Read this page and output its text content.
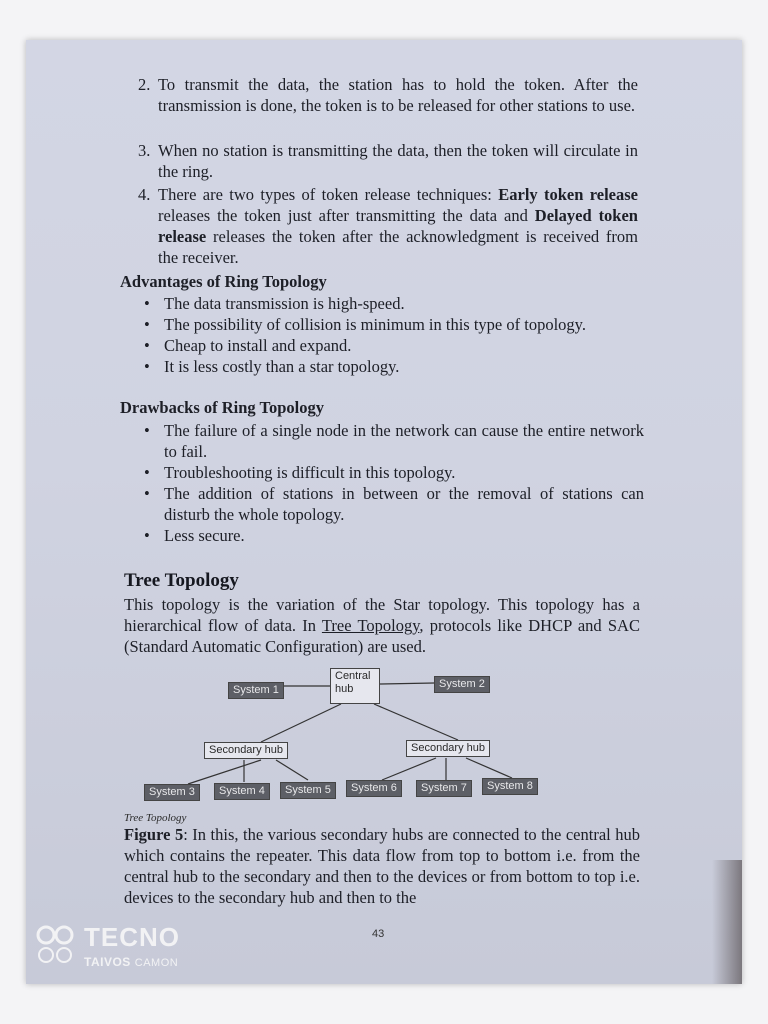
2. To transmit the data, the station has to hold the token. After the transmission is done, the token is to be released for other stations to use.

3. When no station is transmitting the data, then the token will circulate in the ring.

4. There are two types of token release techniques: Early token release releases the token just after transmitting the data and Delayed token release releases the token after the acknowledgment is received from the receiver.

Advantages of Ring Topology
• The data transmission is high-speed.
• The possibility of collision is minimum in this type of topology.
• Cheap to install and expand.
• It is less costly than a star topology.
Drawbacks of Ring Topology
• The failure of a single node in the network can cause the entire network to fail.
• Troubleshooting is difficult in this topology.
• The addition of stations in between or the removal of stations can disturb the whole topology.
• Less secure.
Tree Topology

This topology is the variation of the Star topology. This topology has a hierarchical flow of data. In Tree Topology, protocols like DHCP and SAC (Standard Automatic Configuration) are used.

Central hub
System 1	System 2
Secondary hub	Secondary hub
System 3	System 4	System 5	System 6	System 7	System 8
Tree Topology

Figure 5: In this, the various secondary hubs are connected to the central hub which contains the repeater. This data flow from top to bottom i.e. from the central hub to the secondary and then to the devices or from bottom to top i.e. devices to the secondary hub and then to the

43
TECNO
TAIVOS CAMON
